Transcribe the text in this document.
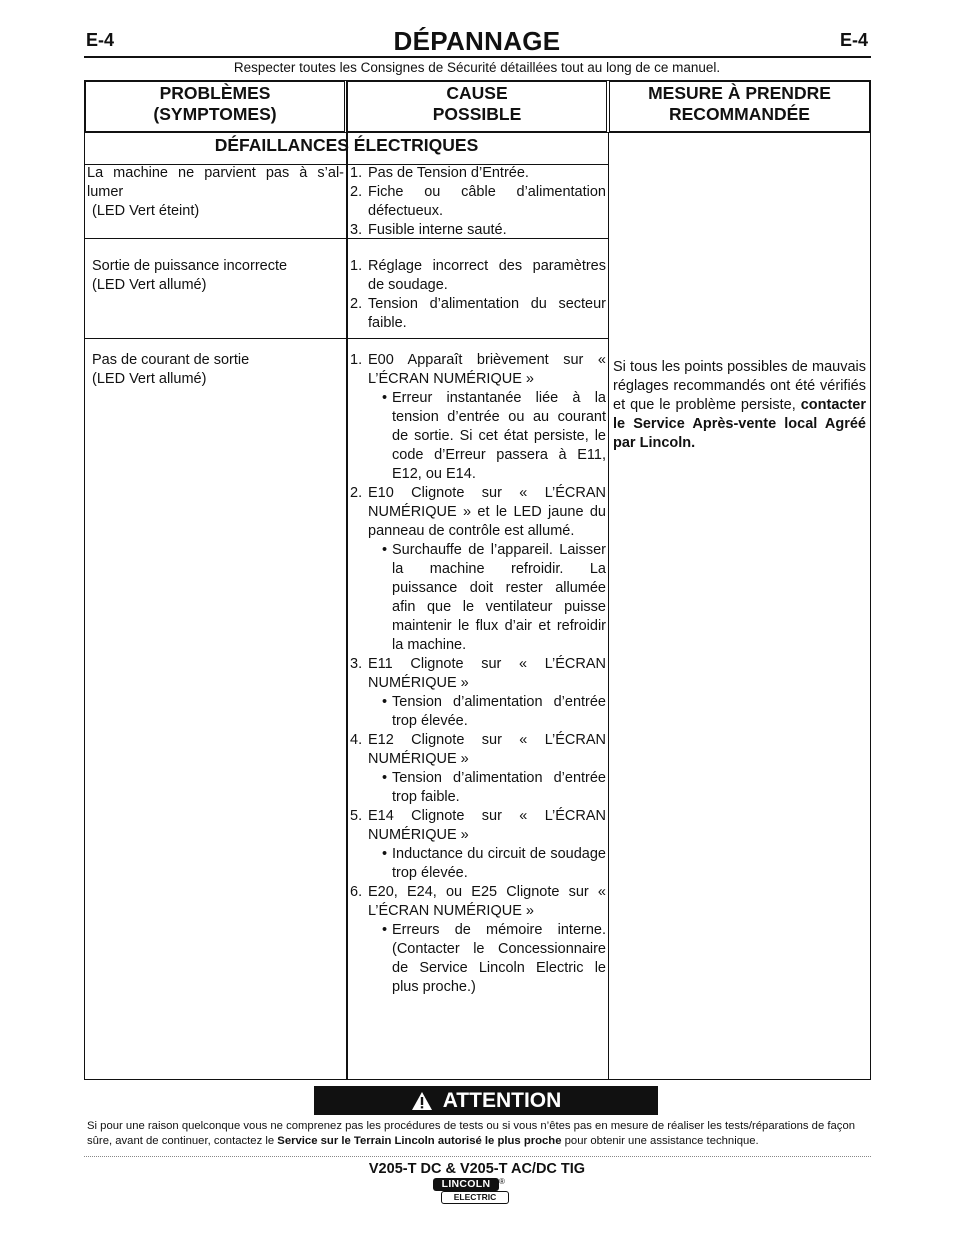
E-4	E-4
DÉPANNAGE
Respecter toutes les Consignes de Sécurité détaillées tout au long de ce manuel.
PROBLÈMES
(SYMPTOMES)
CAUSE
POSSIBLE
MESURE À PRENDRE
RECOMMANDÉE
DÉFAILLANCES ÉLECTRIQUES
La machine ne parvient pas à s’al-
lumer
(LED Vert éteint)
1. Pas de Tension d’Entrée.
2. Fiche ou câble d’alimentation défectueux.
3. Fusible interne sauté.
Sortie de puissance incorrecte
(LED Vert allumé)
1. Réglage incorrect des paramètres de soudage.
2. Tension d’alimentation du secteur faible.
Pas de courant de sortie
(LED Vert allumé)
1. E00 Apparaît brièvement sur « L’ÉCRAN NUMÉRIQUE »
• Erreur instantanée liée à la tension d’entrée ou au courant de sortie. Si cet état persiste, le code d’Erreur passera à E11, E12, ou E14.
2. E10 Clignote sur « L’ÉCRAN NUMÉRIQUE » et le LED jaune du panneau de contrôle est allumé.
• Surchauffe de l’appareil. Laisser la machine refroidir. La puissance doit rester allumée afin que le ventilateur puisse maintenir le flux d’air et refroidir la machine.
3. E11 Clignote sur « L’ÉCRAN NUMÉRIQUE »
• Tension d’alimentation d’entrée trop élevée.
4. E12 Clignote sur « L’ÉCRAN NUMÉRIQUE »
• Tension d’alimentation d’entrée trop faible.
5. E14 Clignote sur « L’ÉCRAN NUMÉRIQUE »
• Inductance du circuit de soudage trop élevée.
6. E20, E24, ou E25 Clignote sur « L’ÉCRAN NUMÉRIQUE »
• Erreurs de mémoire interne. (Contacter le Concessionnaire de Service Lincoln Electric le plus proche.)
Si tous les points possibles de mauvais réglages recommandés ont été vérifiés et que le problème persiste, contacter le Service Après-vente local Agréé par Lincoln.
ATTENTION
Si pour une raison quelconque vous ne comprenez pas les procédures de tests ou si vous n’êtes pas en mesure de réaliser les tests/réparations de façon sûre, avant de continuer, contactez le Service sur le Terrain Lincoln autorisé le plus proche pour obtenir une assistance technique.
V205-T DC & V205-T AC/DC TIG
LINCOLN	®
ELECTRIC
